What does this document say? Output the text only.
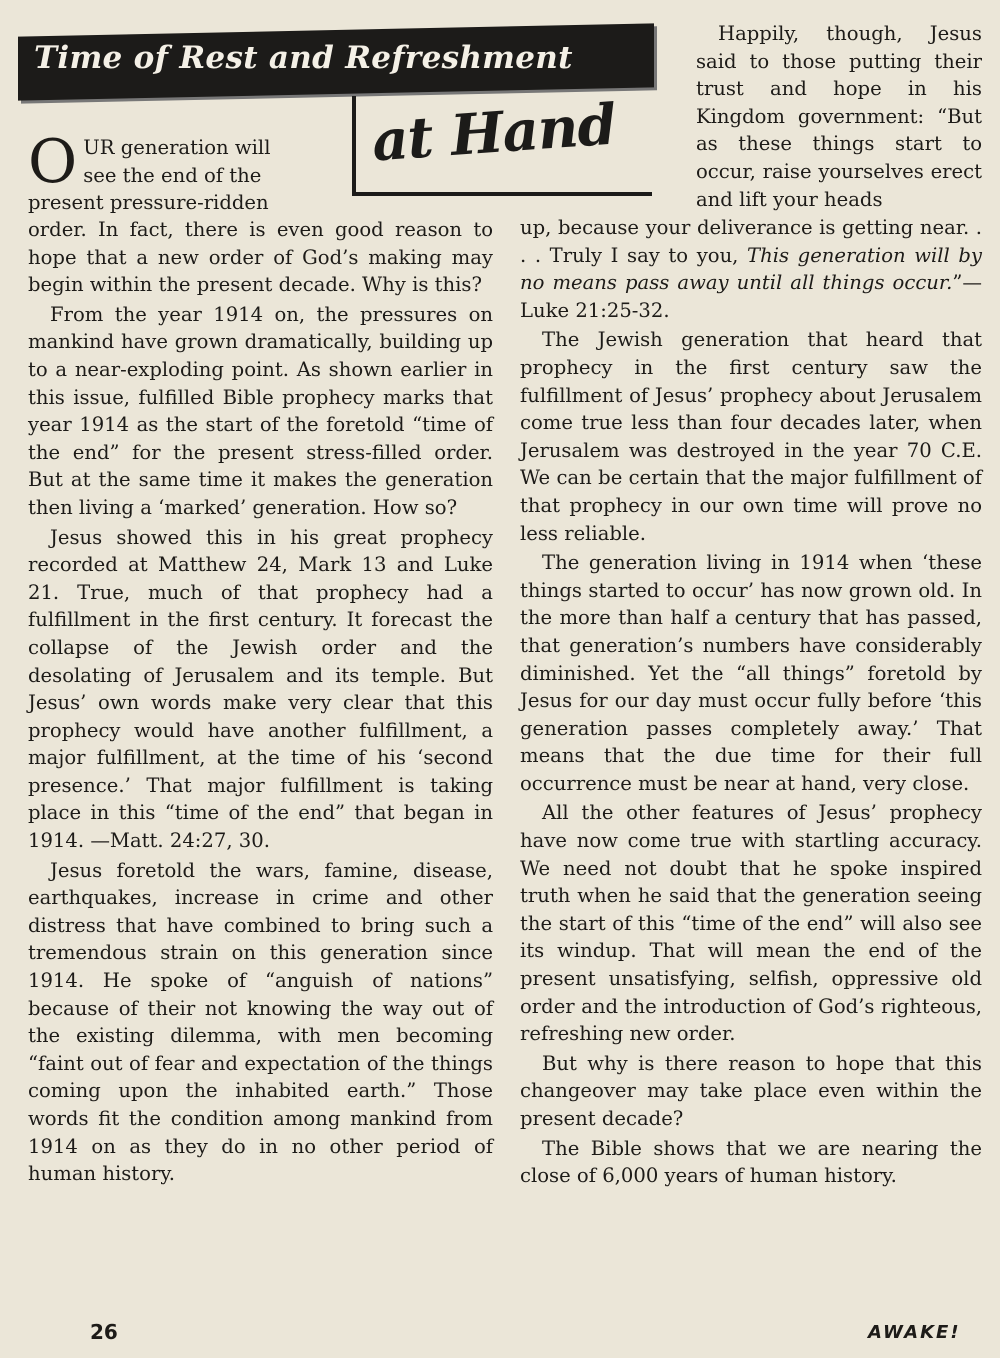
Time of Rest and Refreshment
at Hand
O UR generation will see the end of the present pressure-ridden

Happily, though, Jesus said to those putting their trust and hope in his Kingdom government: “But as these things start to occur, raise yourselves erect and lift your heads

order. In fact, there is even good reason to hope that a new order of God’s making may begin within the present decade. Why is this?

From the year 1914 on, the pressures on mankind have grown dramatically, building up to a near-exploding point. As shown earlier in this issue, fulfilled Bible prophecy marks that year 1914 as the start of the foretold “time of the end” for the present stress-filled order. But at the same time it makes the generation then living a ‘marked’ generation. How so?

Jesus showed this in his great prophecy recorded at Matthew 24, Mark 13 and Luke 21. True, much of that prophecy had a fulfillment in the first century. It forecast the collapse of the Jewish order and the desolating of Jerusalem and its temple. But Jesus’ own words make very clear that this prophecy would have another fulfillment, a major fulfillment, at the time of his ‘second presence.’ That major fulfillment is taking place in this “time of the end” that began in 1914. —Matt. 24:27, 30.

Jesus foretold the wars, famine, disease, earthquakes, increase in crime and other distress that have combined to bring such a tremendous strain on this generation since 1914. He spoke of “anguish of nations” because of their not knowing the way out of the existing dilemma, with men becoming “faint out of fear and expectation of the things coming upon the inhabited earth.” Those words fit the condition among mankind from 1914 on as they do in no other period of human history.

up, because your deliverance is getting near. . . . Truly I say to you, This generation will by no means pass away until all things occur.”—Luke 21:25-32.

The Jewish generation that heard that prophecy in the first century saw the fulfillment of Jesus’ prophecy about Jerusalem come true less than four decades later, when Jerusalem was destroyed in the year 70 C.E. We can be certain that the major fulfillment of that prophecy in our own time will prove no less reliable.

The generation living in 1914 when ‘these things started to occur’ has now grown old. In the more than half a century that has passed, that generation’s numbers have considerably diminished. Yet the “all things” foretold by Jesus for our day must occur fully before ‘this generation passes completely away.’ That means that the due time for their full occurrence must be near at hand, very close.

All the other features of Jesus’ prophecy have now come true with startling accuracy. We need not doubt that he spoke inspired truth when he said that the generation seeing the start of this “time of the end” will also see its windup. That will mean the end of the present unsatisfying, selfish, oppressive old order and the introduction of God’s righteous, refreshing new order.

But why is there reason to hope that this changeover may take place even within the present decade?

The Bible shows that we are nearing the close of 6,000 years of human history.

26	AWAKE!
